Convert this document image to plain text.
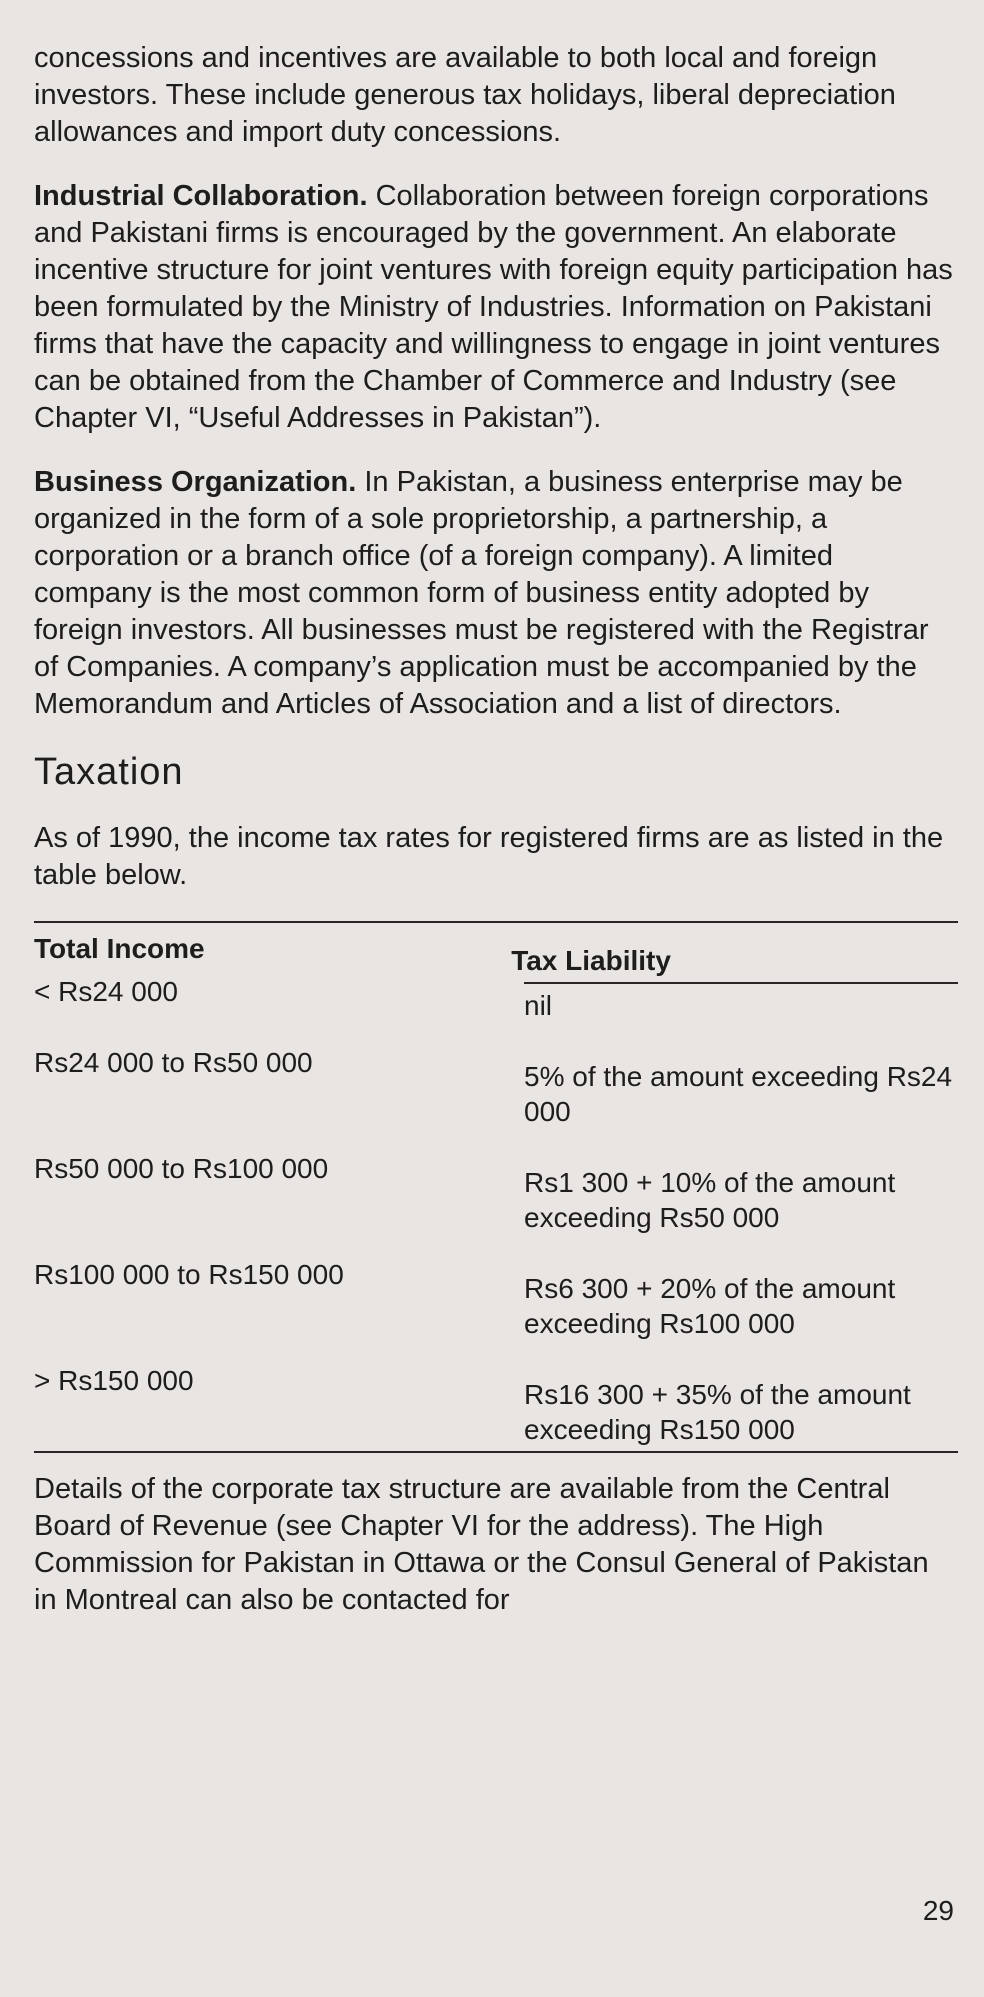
concessions and incentives are available to both local and foreign investors. These include generous tax holidays, liberal depreciation allowances and import duty concessions.

Industrial Collaboration. Collaboration between foreign corporations and Pakistani firms is encouraged by the government. An elaborate incentive structure for joint ventures with foreign equity participation has been formulated by the Ministry of Industries. Information on Pakistani firms that have the capacity and willingness to engage in joint ventures can be obtained from the Chamber of Commerce and Industry (see Chapter VI, “Useful Addresses in Pakistan”).

Business Organization. In Pakistan, a business enterprise may be organized in the form of a sole proprietorship, a partnership, a corporation or a branch office (of a foreign company). A limited company is the most common form of business entity adopted by foreign investors. All businesses must be registered with the Registrar of Companies. A company’s application must be accompanied by the Memorandum and Articles of Association and a list of directors.

Taxation

As of 1990, the income tax rates for registered firms are as listed in the table below.

Total Income	Tax Liability
< Rs24 000	nil
Rs24 000 to Rs50 000	5% of the amount exceeding Rs24 000
Rs50 000 to Rs100 000	Rs1 300 + 10% of the amount exceeding Rs50 000
Rs100 000 to Rs150 000	Rs6 300 + 20% of the amount exceeding Rs100 000
> Rs150 000	Rs16 300 + 35% of the amount exceeding Rs150 000

Details of the corporate tax structure are available from the Central Board of Revenue (see Chapter VI for the address). The High Commission for Pakistan in Ottawa or the Consul General of Pakistan in Montreal can also be contacted for

29
